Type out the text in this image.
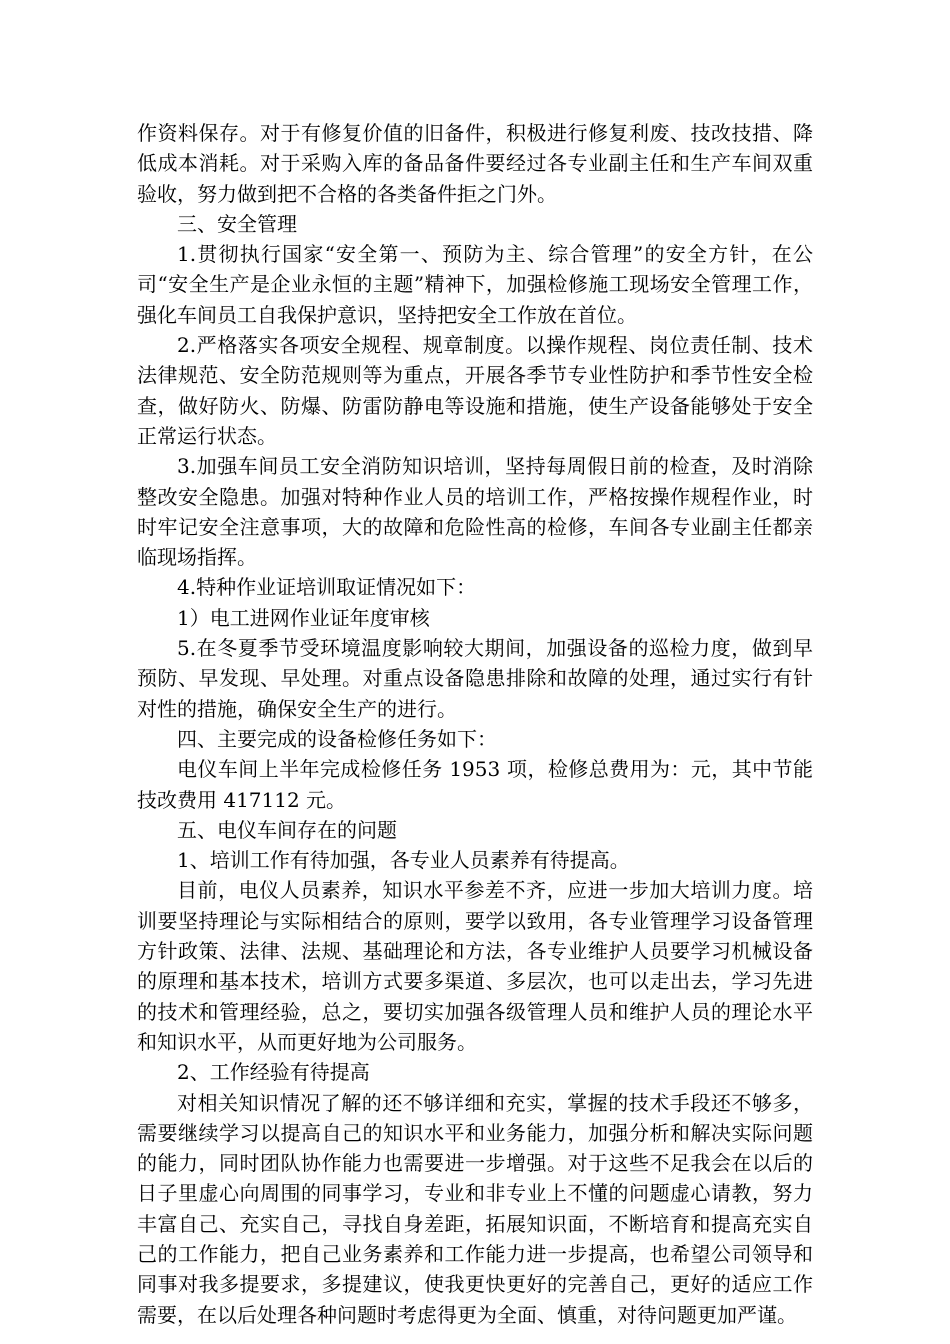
作资料保存。对于有修复价值的旧备件，积极进行修复利废、技改技措、降低成本消耗。对于采购入库的备品备件要经过各专业副主任和生产车间双重验收，努力做到把不合格的各类备件拒之门外。

三、安全管理

1.贯彻执行国家“安全第一、预防为主、综合管理”的安全方针，在公司“安全生产是企业永恒的主题”精神下，加强检修施工现场安全管理工作，强化车间员工自我保护意识，坚持把安全工作放在首位。

2.严格落实各项安全规程、规章制度。以操作规程、岗位责任制、技术法律规范、安全防范规则等为重点，开展各季节专业性防护和季节性安全检查，做好防火、防爆、防雷防静电等设施和措施，使生产设备能够处于安全正常运行状态。

3.加强车间员工安全消防知识培训，坚持每周假日前的检查，及时消除整改安全隐患。加强对特种作业人员的培训工作，严格按操作规程作业，时时牢记安全注意事项，大的故障和危险性高的检修，车间各专业副主任都亲临现场指挥。

4.特种作业证培训取证情况如下：

1）电工进网作业证年度审核

5.在冬夏季节受环境温度影响较大期间，加强设备的巡检力度，做到早预防、早发现、早处理。对重点设备隐患排除和故障的处理，通过实行有针对性的措施，确保安全生产的进行。

四、主要完成的设备检修任务如下：

电仪车间上半年完成检修任务 1953 项，检修总费用为：元，其中节能技改费用 417112 元。

五、电仪车间存在的问题

1、培训工作有待加强，各专业人员素养有待提高。

目前，电仪人员素养，知识水平参差不齐，应进一步加大培训力度。培训要坚持理论与实际相结合的原则，要学以致用，各专业管理学习设备管理方针政策、法律、法规、基础理论和方法，各专业维护人员要学习机械设备的原理和基本技术，培训方式要多渠道、多层次，也可以走出去，学习先进的技术和管理经验，总之，要切实加强各级管理人员和维护人员的理论水平和知识水平，从而更好地为公司服务。

2、工作经验有待提高

对相关知识情况了解的还不够详细和充实，掌握的技术手段还不够多，需要继续学习以提高自己的知识水平和业务能力，加强分析和解决实际问题的能力，同时团队协作能力也需要进一步增强。对于这些不足我会在以后的日子里虚心向周围的同事学习，专业和非专业上不懂的问题虚心请教，努力丰富自己、充实自己，寻找自身差距，拓展知识面，不断培育和提高充实自己的工作能力，把自己业务素养和工作能力进一步提高，也希望公司领导和同事对我多提要求，多提建议，使我更快更好的完善自己，更好的适应工作需要，在以后处理各种问题时考虑得更为全面、慎重，对待问题更加严谨。
